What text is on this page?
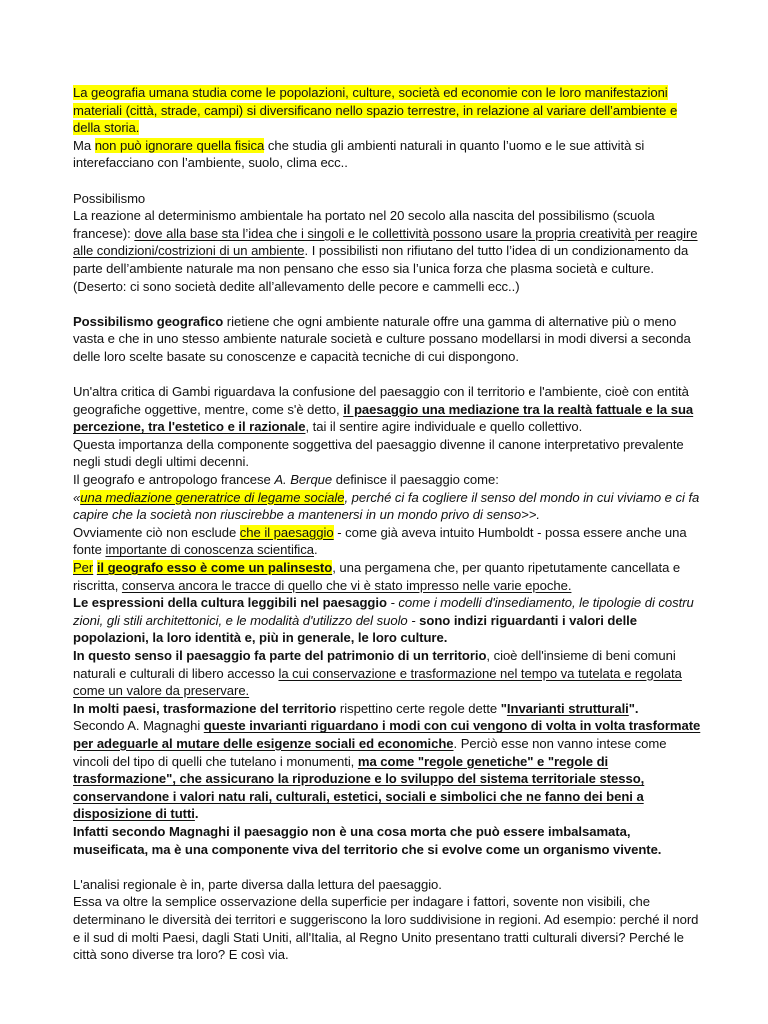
La geografia umana studia come le popolazioni, culture, società ed economie con le loro manifestazioni materiali (città, strade, campi) si diversificano nello spazio terrestre, in relazione al variare dell’ambiente e della storia.
Ma non può ignorare quella fisica che studia gli ambienti naturali in quanto l’uomo e le sue attività si interefacciano con l’ambiente, suolo, clima ecc..

Possibilismo

La reazione al determinismo ambientale ha portato nel 20 secolo alla nascita del possibilismo (scuola francese): dove alla base sta l’idea che i singoli e le collettività possono usare la propria creatività per reagire alle condizioni/costrizioni di un ambiente. I possibilisti non rifiutano del tutto l’idea di un condizionamento da parte dell’ambiente naturale ma non pensano che esso sia l’unica forza che plasma società e culture. (Deserto: ci sono società dedite all’allevamento delle pecore e cammelli ecc..)

Possibilismo geografico rietiene che ogni ambiente naturale offre una gamma di alternative più o meno vasta e che in uno stesso ambiente naturale società e culture possano modellarsi in modi diversi a seconda delle loro scelte basate su conoscenze e capacità tecniche di cui dispongono.

Un'altra critica di Gambi riguardava la confusione del paesaggio con il territorio e l'ambiente, cioè con entità geografiche oggettive, mentre, come s'è detto, il paesaggio una mediazione tra la realtà fattuale e la sua percezione, tra l'estetico e il razionale, tai il sentire agire individuale e quello collettivo.

Questa importanza della componente soggettiva del paesaggio divenne il canone interpretativo prevalente negli studi degli ultimi decenni.

Il geografo e antropologo francese A. Berque definisce il paesaggio come:

«una mediazione generatrice di legame sociale, perché ci fa cogliere il senso del mondo in cui viviamo e ci fa capire che la società non riuscirebbe a mantenersi in un mondo privo di senso>>.

Ovviamente ciò non esclude che il paesaggio - come già aveva intuito Humboldt - possa essere anche una fonte importante di conoscenza scientifica.

Per il geografo esso è come un palinsesto, una pergamena che, per quanto ripetutamente cancellata e riscritta, conserva ancora le tracce di quello che vi è stato impresso nelle varie epoche.

Le espressioni della cultura leggibili nel paesaggio - come i modelli d'insediamento, le tipologie di costru zioni, gli stili architettonici, e le modalità d'utilizzo del suolo - sono indizi riguardanti i valori delle popolazioni, la loro identità e, più in generale, le loro culture.

In questo senso il paesaggio fa parte del patrimonio di un territorio, cioè dell'insieme di beni comuni naturali e culturali di libero accesso la cui conservazione e trasformazione nel tempo va tutelata e regolata come un valore da preservare.

In molti paesi, trasformazione del territorio rispettino certe regole dette "Invarianti strutturali".

Secondo A. Magnaghi queste invarianti riguardano i modi con cui vengono di volta in volta trasformate per adeguarle al mutare delle esigenze sociali ed economiche. Perciò esse non vanno intese come vincoli del tipo di quelli che tutelano i monumenti, ma come "regole genetiche" e "regole di trasformazione", che assicurano la riproduzione e lo sviluppo del sistema territoriale stesso, conservandone i valori natu rali, culturali, estetici, sociali e simbolici che ne fanno dei beni a disposizione di tutti.

Infatti secondo Magnaghi il paesaggio non è una cosa morta che può essere imbalsamata, museificata, ma è una componente viva del territorio che si evolve come un organismo vivente.

L'analisi regionale è in, parte diversa dalla lettura del paesaggio.

Essa va oltre la semplice osservazione della superficie per indagare i fattori, sovente non visibili, che determinano le diversità dei territori e suggeriscono la loro suddivisione in regioni. Ad esempio: perché il nord e il sud di molti Paesi, dagli Stati Uniti, all'Italia, al Regno Unito presentano tratti culturali diversi? Perché le città sono diverse tra loro? E così via.
